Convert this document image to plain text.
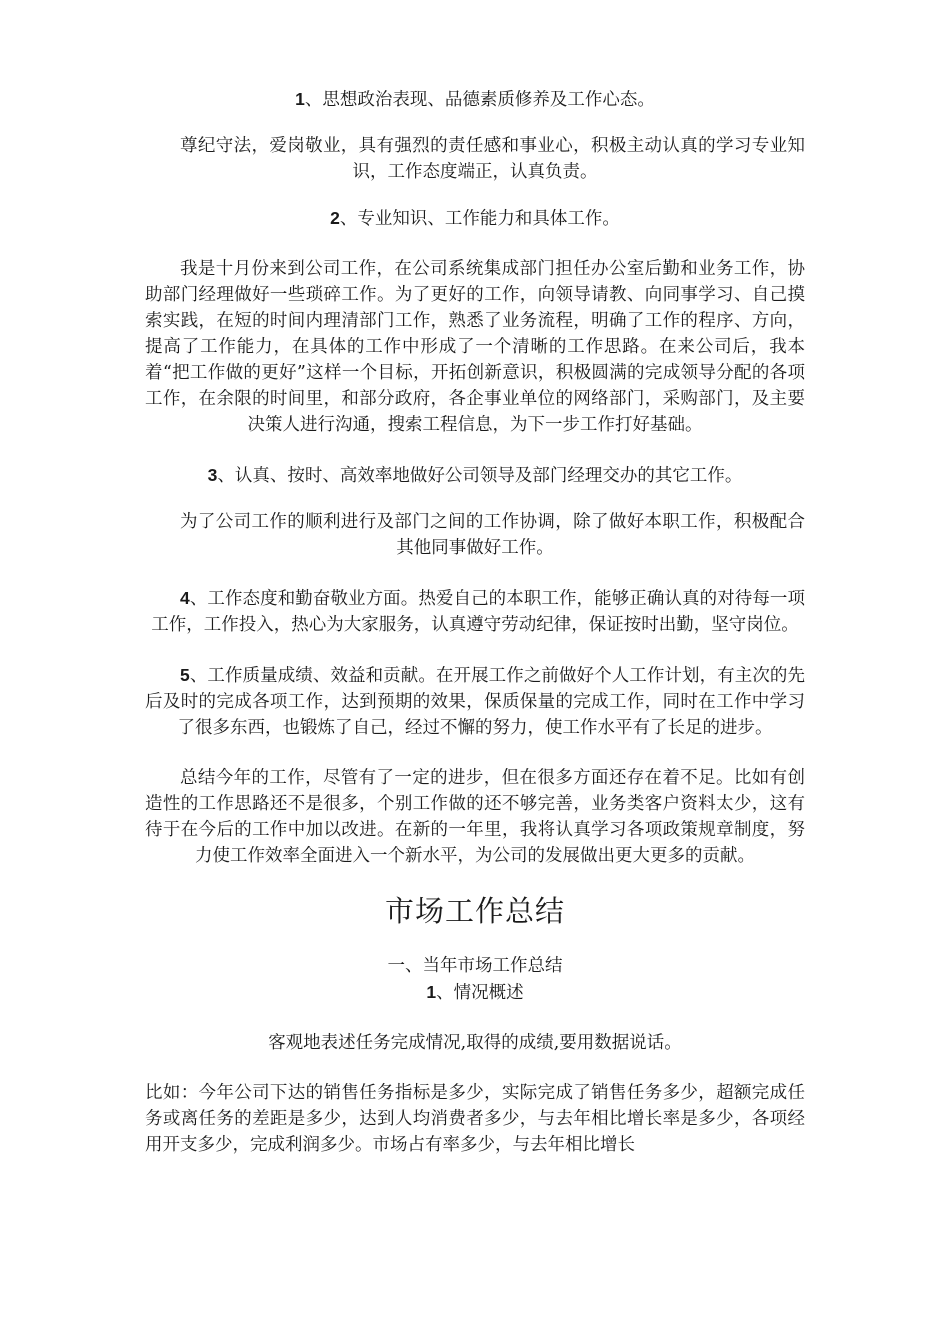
1、思想政治表现、品德素质修养及工作心态。

尊纪守法，爱岗敬业，具有强烈的责任感和事业心，积极主动认真的学习专业知识，工作态度端正，认真负责。

2、专业知识、工作能力和具体工作。

我是十月份来到公司工作，在公司系统集成部门担任办公室后勤和业务工作，协助部门经理做好一些琐碎工作。为了更好的工作，向领导请教、向同事学习、自己摸索实践，在短的时间内理清部门工作，熟悉了业务流程，明确了工作的程序、方向，提高了工作能力，在具体的工作中形成了一个清晰的工作思路。在来公司后，我本着“把工作做的更好”这样一个目标，开拓创新意识，积极圆满的完成领导分配的各项工作，在余限的时间里，和部分政府，各企事业单位的网络部门，采购部门，及主要决策人进行沟通，搜索工程信息，为下一步工作打好基础。

3、认真、按时、高效率地做好公司领导及部门经理交办的其它工作。

为了公司工作的顺利进行及部门之间的工作协调，除了做好本职工作，积极配合其他同事做好工作。

4、工作态度和勤奋敬业方面。热爱自己的本职工作，能够正确认真的对待每一项工作，工作投入，热心为大家服务，认真遵守劳动纪律，保证按时出勤，坚守岗位。

5、工作质量成绩、效益和贡献。在开展工作之前做好个人工作计划，有主次的先后及时的完成各项工作，达到预期的效果，保质保量的完成工作，同时在工作中学习了很多东西，也锻炼了自己，经过不懈的努力，使工作水平有了长足的进步。

总结今年的工作，尽管有了一定的进步，但在很多方面还存在着不足。比如有创造性的工作思路还不是很多，个别工作做的还不够完善，业务类客户资料太少，这有待于在今后的工作中加以改进。在新的一年里，我将认真学习各项政策规章制度，努力使工作效率全面进入一个新水平，为公司的发展做出更大更多的贡献。

市场工作总结

一、当年市场工作总结

1、情况概述

客观地表述任务完成情况,取得的成绩,要用数据说话。

比如：今年公司下达的销售任务指标是多少，实际完成了销售任务多少，超额完成任务或离任务的差距是多少，达到人均消费者多少，与去年相比增长率是多少，各项经用开支多少，完成利润多少。市场占有率多少，与去年相比增长
